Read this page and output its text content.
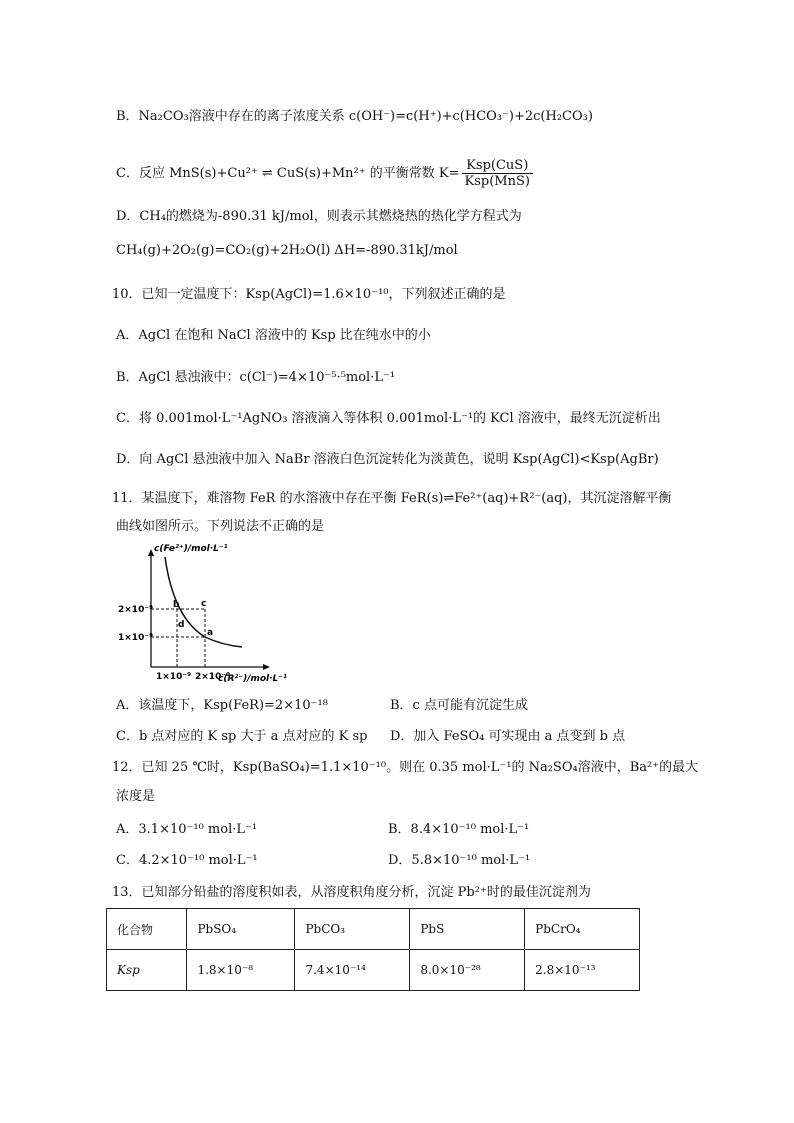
B．Na₂CO₃溶液中存在的离子浓度关系 c(OH⁻)=c(H⁺)+c(HCO₃⁻)+2c(H₂CO₃)
C．反应 MnS(s)+Cu²⁺ ⇌ CuS(s)+Mn²⁺ 的平衡常数 $K= \frac{\text{Ksp(CuS)}}{\text{Ksp(MnS)}}$
D．CH₄的燃烧为-890.31 kJ/mol，则表示其燃烧热的热化学方程式为
CH₄(g)+2O₂(g)=CO₂(g)+2H₂O(l) ΔH=-890.31kJ/mol
10．已知一定温度下：Ksp(AgCl)=1.6×10⁻¹⁰，下列叙述正确的是
A．AgCl 在饱和 NaCl 溶液中的 Ksp 比在纯水中的小
B．AgCl 悬浊液中：c(Cl⁻)=4×10⁻⁵·⁵mol·L⁻¹
C．将 0.001mol·L⁻¹AgNO₃ 溶液滴入等体积 0.001mol·L⁻¹的 KCl 溶液中，最终无沉淀析出
D．向 AgCl 悬浊液中加入 NaBr 溶液白色沉淀转化为淡黄色，说明 Ksp(AgCl)<Ksp(AgBr)
11．某温度下，难溶物 FeR 的水溶液中存在平衡 FeR(s)⇌Fe²⁺(aq)+R²⁻(aq)，其沉淀溶解平衡
曲线如图所示。下列说法不正确的是
b c
d
a
c(Fe²⁺)/mol·L⁻¹
c(R²⁻)/mol·L⁻¹
2×10⁻⁹
1×10⁻⁹
1×10⁻⁹ 2×10⁻⁹
A．该温度下，Ksp(FeR)=2×10⁻¹⁸	B．c 点可能有沉淀生成
C．b 点对应的 K sp 大于 a 点对应的 K sp D．加入 FeSO₄ 可实现由 a 点变到 b 点
12．已知 25 ℃时，Ksp(BaSO₄)=1.1×10⁻¹⁰。则在 0.35 mol·L⁻¹的 Na₂SO₄溶液中，Ba²⁺的最大
浓度是
A．3.1×10⁻¹⁰ mol·L⁻¹	B．8.4×10⁻¹⁰ mol·L⁻¹
C．4.2×10⁻¹⁰ mol·L⁻¹	D．5.8×10⁻¹⁰ mol·L⁻¹
13．已知部分铅盐的溶度积如表，从溶度积角度分析，沉淀 Pb²⁺时的最佳沉淀剂为
化合物	PbSO₄	PbCO₃	PbS	PbCrO₄
Ksp	1.8×10⁻⁸	7.4×10⁻¹⁴	8.0×10⁻²⁸	2.8×10⁻¹³
